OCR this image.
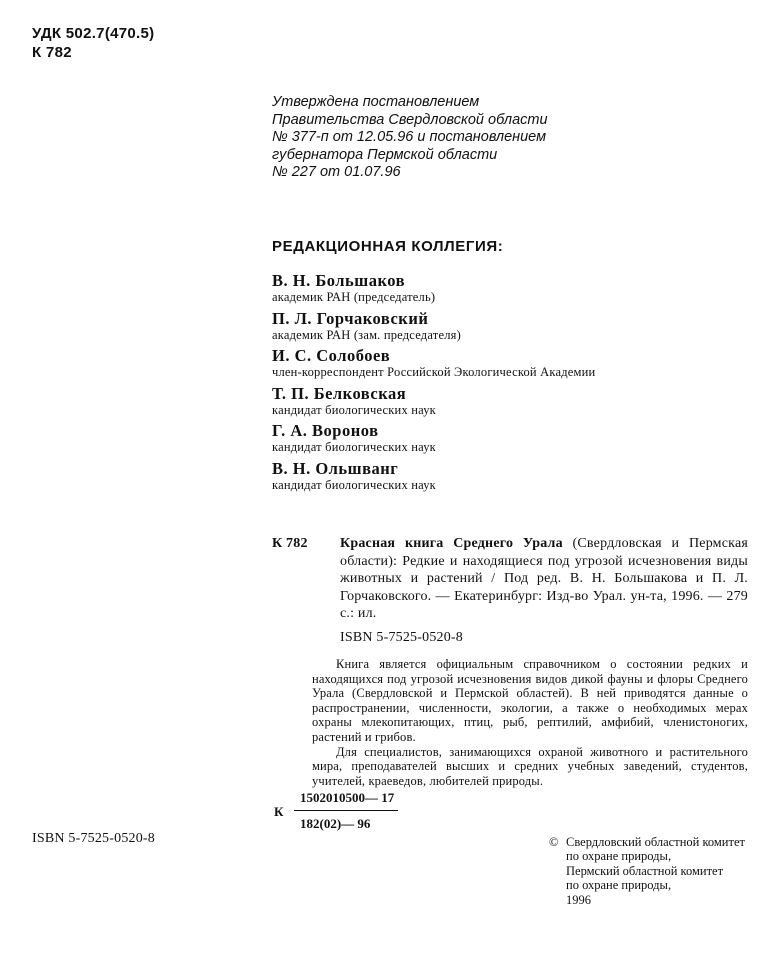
УДК 502.7(470.5)
К 782
Утверждена постановлением
Правительства Свердловской области
№ 377-п от 12.05.96 и постановлением
губернатора Пермской области
№ 227 от 01.07.96
РЕДАКЦИОННАЯ КОЛЛЕГИЯ:
В. Н. Большаков
академик РАН (председатель)
П. Л. Горчаковский
академик РАН (зам. председателя)
И. С. Солобоев
член-корреспондент Российской Экологической Академии
Т. П. Белковская
кандидат биологических наук
Г. А. Воронов
кандидат биологических наук
В. Н. Ольшванг
кандидат биологических наук
К 782 Красная книга Среднего Урала (Свердловская и Пермская области): Редкие и находящиеся под угрозой исчезновения виды животных и растений / Под ред. В. Н. Большакова и П. Л. Горчаковского. — Екатеринбург: Изд-во Урал. ун-та, 1996. — 279 с.: ил.
ISBN 5-7525-0520-8

Книга является официальным справочником о состоянии редких и находящихся под угрозой исчезновения видов дикой фауны и флоры Среднего Урала (Свердловской и Пермской областей). В ней приводятся данные о распространении, численности, экологии, а также о необходимых мерах охраны млекопитающих, птиц, рыб, рептилий, амфибий, членистоногих, растений и грибов.

Для специалистов, занимающихся охраной животного и растительного мира, преподавателей высших и средних учебных заведений, студентов, учителей, краеведов, любителей природы.

К
1502010500— 17
182(02)— 96
ISBN 5-7525-0520-8	© Свердловский областной комитет
по охране природы,
Пермский областной комитет
по охране природы,
1996
